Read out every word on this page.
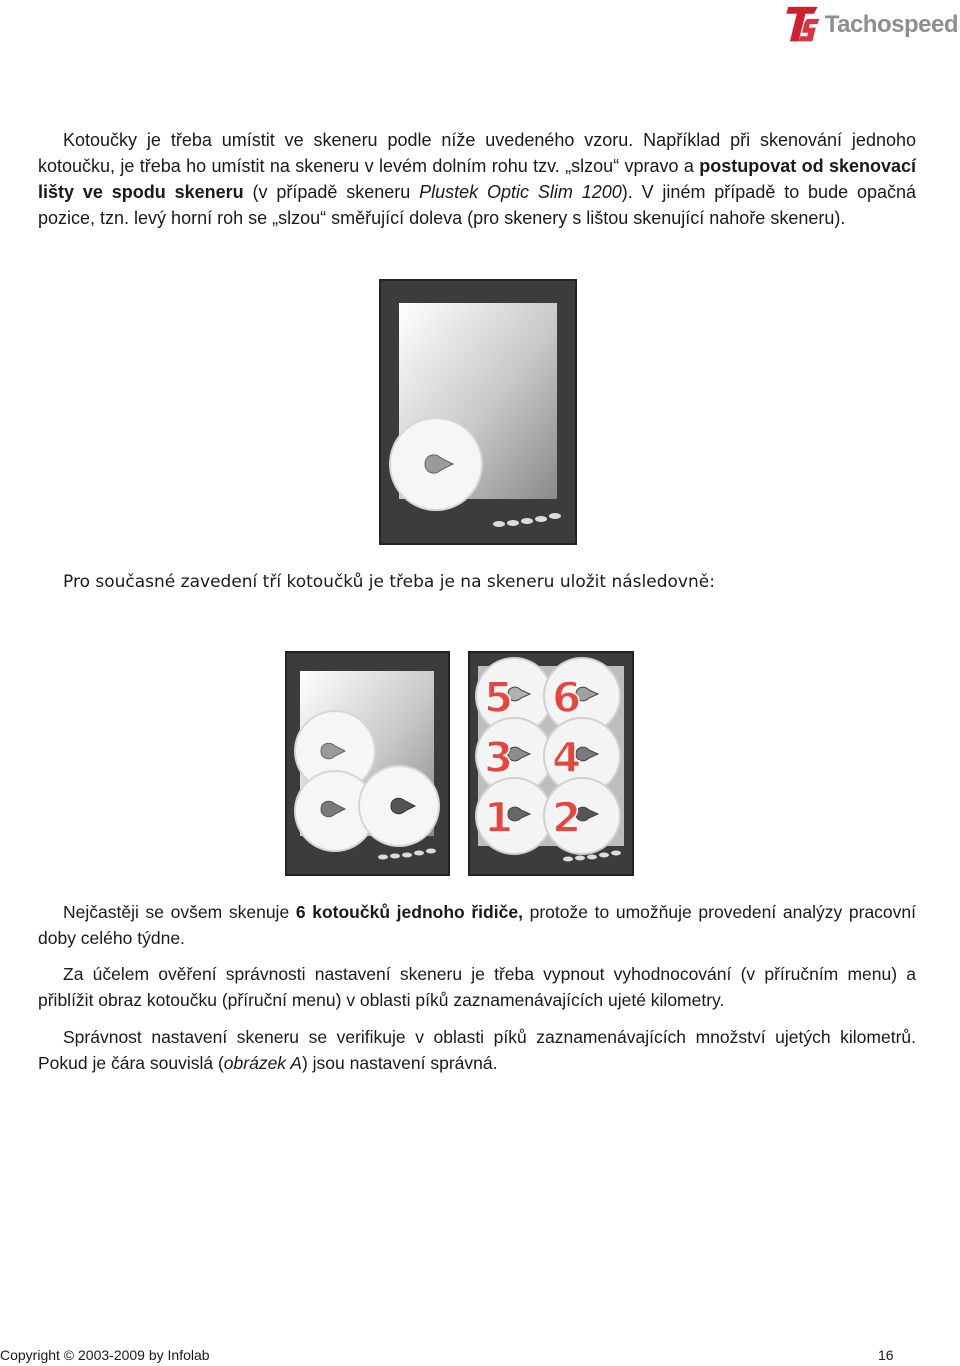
Tachospeed

Kotoučky je třeba umístit ve skeneru podle níže uvedeného vzoru. Například při skenování jednoho kotoučku, je třeba ho umístit na skeneru v levém dolním rohu tzv. „slzou“ vpravo a postupovat od skenovací lišty ve spodu skeneru (v případě skeneru Plustek Optic Slim 1200). V jiném případě to bude opačná pozice, tzn. levý horní roh se „slzou“ směřující doleva (pro skenery s lištou skenující nahoře skeneru).

Pro současné zavedení tří kotoučků je třeba je na skeneru uložit následovně:

5 6
3 4
1 2

Nejčastěji se ovšem skenuje 6 kotoučků jednoho řidiče, protože to umožňuje provedení analýzy pracovní doby celého týdne.

Za účelem ověření správnosti nastavení skeneru je třeba vypnout vyhodnocování (v příručním menu) a přiblížit obraz kotoučku (příruční menu) v oblasti píků zaznamenávajících ujeté kilometry.

Správnost nastavení skeneru se verifikuje v oblasti píků zaznamenávajících množství ujetých kilometrů. Pokud je čára souvislá (obrázek A) jsou nastavení správná.

Copyright © 2003-2009 by Infolab	16
